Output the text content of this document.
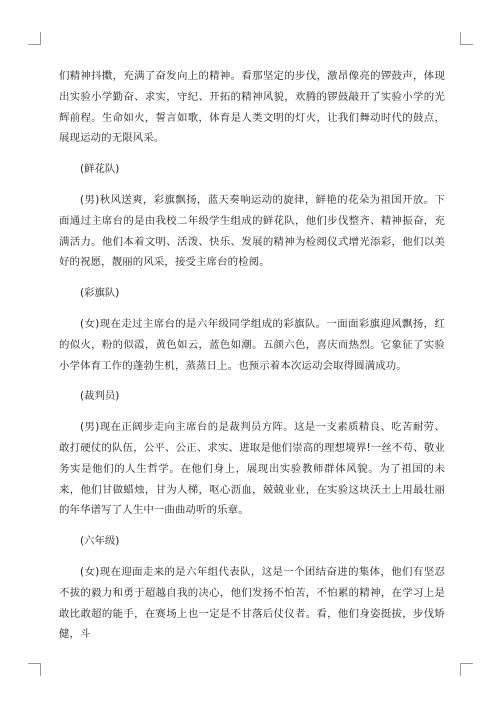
们精神抖擞，充满了奋发向上的精神。看那坚定的步伐，激昂像亮的锣鼓声，体现出实验小学勤奋、求实，守纪、开拓的精神风貌，欢腾的锣鼓敲开了实验小学的光辉前程。生命如火，誓言如歌，体育是人类文明的灯火，让我们舞动时代的鼓点，展现运动的无限风采。

(鲜花队)

(男)秋风送爽，彩旗飘扬，蓝天奏响运动的旋律，鲜艳的花朵为祖国开放。下面通过主席台的是由我校二年级学生组成的鲜花队，他们步伐整齐、精神振奋，充满活力。他们本着文明、活泼、快乐、发展的精神为检阅仪式增光添彩，他们以美好的祝愿，靓丽的风采，接受主席台的检阅。

(彩旗队)

(女)现在走过主席台的是六年级同学组成的彩旗队。一面面彩旗迎风飘扬，红的似火，粉的似霞，黄色如云，蓝色如潮。五颜六色，喜庆而热烈。它象征了实验小学体育工作的蓬勃生机，蒸蒸日上。也预示着本次运动会取得圆满成功。

(裁判员)

(男)现在正阔步走向主席台的是裁判员方阵。这是一支素质精良、吃苦耐劳、敢打硬仗的队伍，公平、公正、求实、进取是他们崇高的理想境界!一丝不苟、敬业务实是他们的人生哲学。在他们身上，展现出实验教师群体风貌。为了祖国的未来，他们甘做蜡烛，甘为人梯，呕心沥血，兢兢业业，在实验这块沃土上用最壮丽的年华谱写了人生中一曲曲动听的乐章。

(六年级)

(女)现在迎面走来的是六年组代表队，这是一个团结奋进的集体，他们有坚忍不拔的毅力和勇于超越自我的决心，他们发扬不怕苦，不怕累的精神，在学习上是敢比敢超的能手，在赛场上也一定是不甘落后仗仪者。看，他们身姿挺拔，步伐矫健，斗
